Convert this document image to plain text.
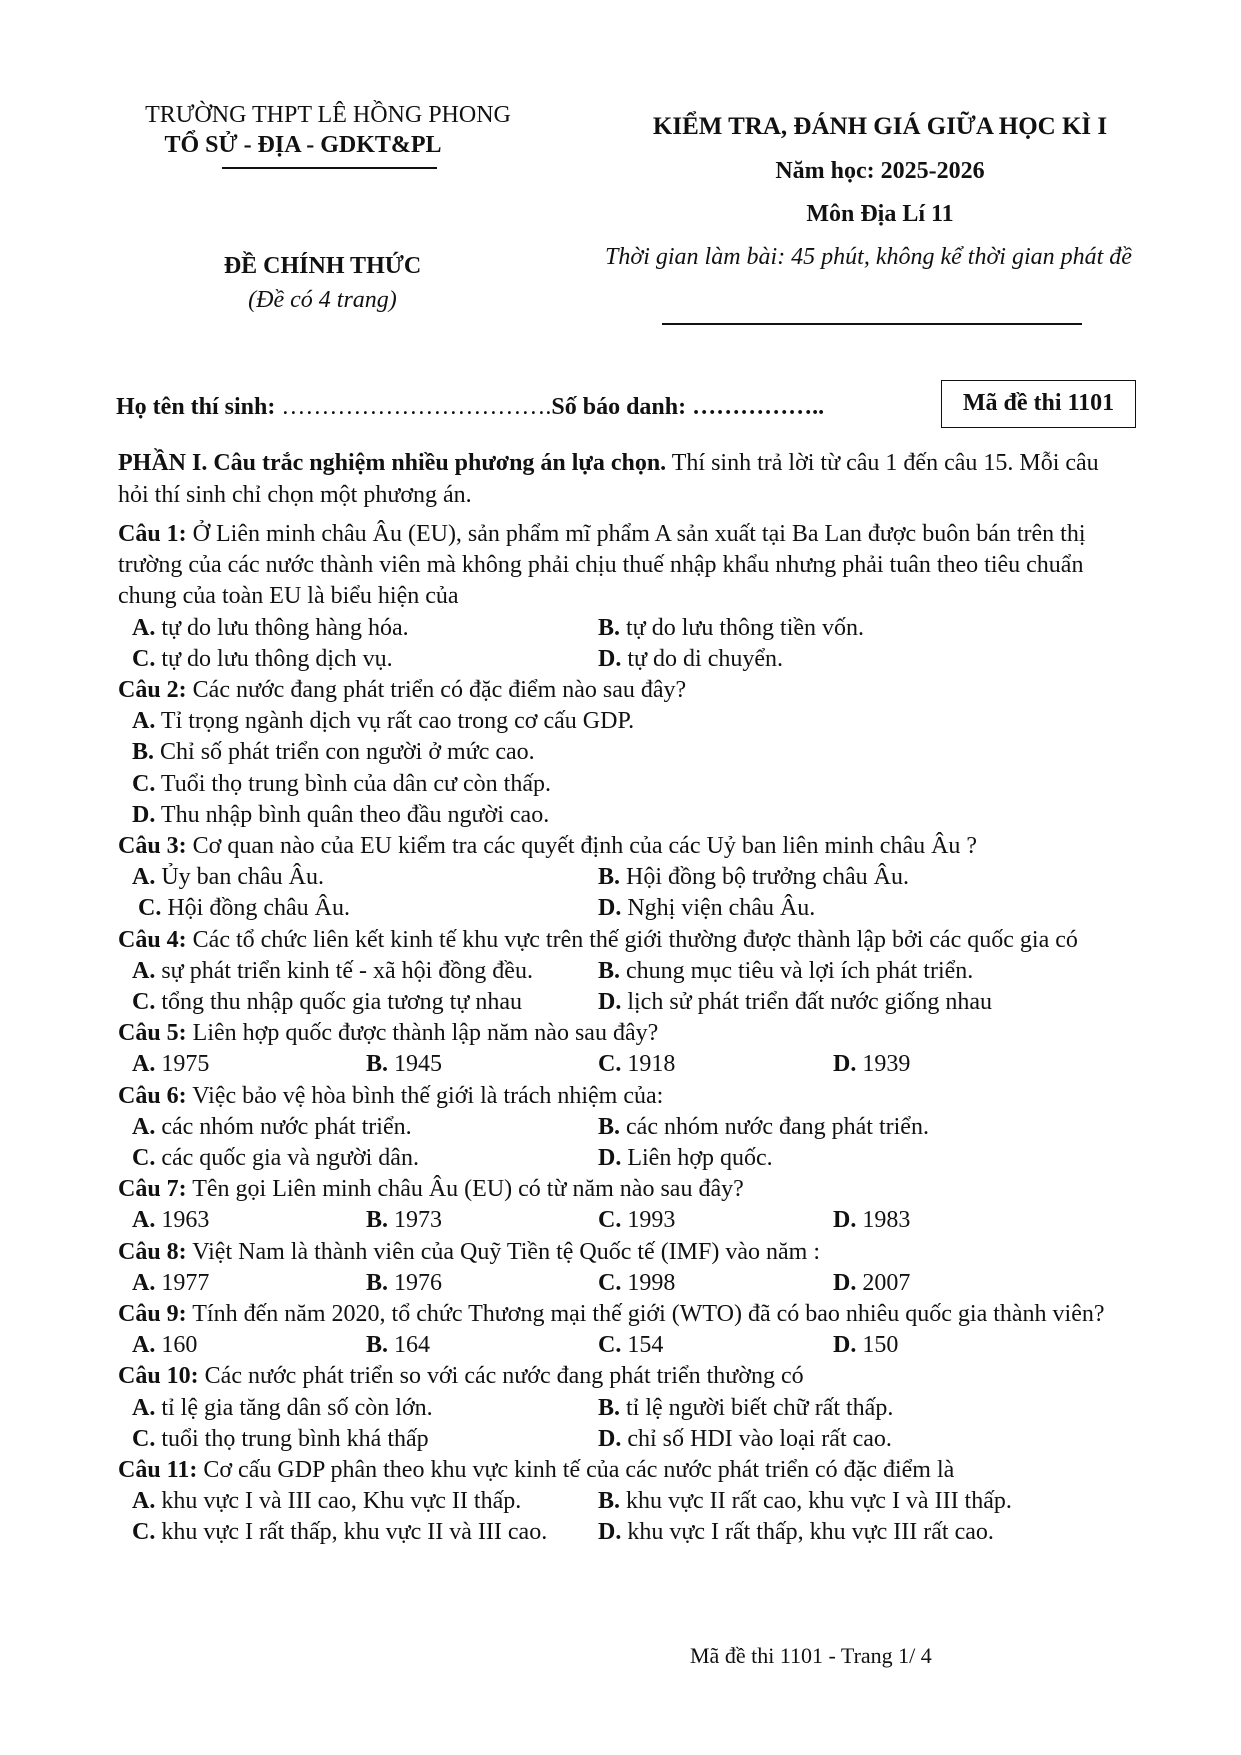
TRƯỜNG THPT LÊ HỒNG PHONG
TỔ SỬ - ĐỊA - GDKT&PL
KIỂM TRA, ĐÁNH GIÁ GIỮA HỌC KÌ I
Năm học: 2025-2026
Môn Địa Lí 11
Thời gian làm bài: 45 phút, không kể thời gian phát đề
ĐỀ CHÍNH THỨC
(Đề có 4 trang)
Họ tên thí sinh: …………………………….Số báo danh: ……………..	Mã đề thi 1101
PHẦN I. Câu trắc nghiệm nhiều phương án lựa chọn. Thí sinh trả lời từ câu 1 đến câu 15. Mỗi câu hỏi thí sinh chỉ chọn một phương án.
Câu 1: Ở Liên minh châu Âu (EU), sản phẩm mĩ phẩm A sản xuất tại Ba Lan được buôn bán trên thị trường của các nước thành viên mà không phải chịu thuế nhập khẩu nhưng phải tuân theo tiêu chuẩn chung của toàn EU là biểu hiện của
A. tự do lưu thông hàng hóa.	B. tự do lưu thông tiền vốn.
C. tự do lưu thông dịch vụ.	D. tự do di chuyển.
Câu 2: Các nước đang phát triển có đặc điểm nào sau đây?
A. Tỉ trọng ngành dịch vụ rất cao trong cơ cấu GDP.
B. Chỉ số phát triển con người ở mức cao.
C. Tuổi thọ trung bình của dân cư còn thấp.
D. Thu nhập bình quân theo đầu người cao.
Câu 3: Cơ quan nào của EU kiểm tra các quyết định của các Uỷ ban liên minh châu Âu ?
A. Ủy ban châu Âu.	B. Hội đồng bộ trưởng châu Âu.
C. Hội đồng châu Âu.	D. Nghị viện châu Âu.
Câu 4: Các tổ chức liên kết kinh tế khu vực trên thế giới thường được thành lập bởi các quốc gia có
A. sự phát triển kinh tế - xã hội đồng đều.	B. chung mục tiêu và lợi ích phát triển.
C. tổng thu nhập quốc gia tương tự nhau	D. lịch sử phát triển đất nước giống nhau
Câu 5: Liên hợp quốc được thành lập năm nào sau đây?
A. 1975	B. 1945	C. 1918	D. 1939
Câu 6: Việc bảo vệ hòa bình thế giới là trách nhiệm của:
A. các nhóm nước phát triển.	B. các nhóm nước đang phát triển.
C. các quốc gia và người dân.	D. Liên hợp quốc.
Câu 7: Tên gọi Liên minh châu Âu (EU) có từ năm nào sau đây?
A. 1963	B. 1973	C. 1993	D. 1983
Câu 8: Việt Nam là thành viên của Quỹ Tiền tệ Quốc tế (IMF) vào năm :
A. 1977	B. 1976	C. 1998	D. 2007
Câu 9: Tính đến năm 2020, tổ chức Thương mại thế giới (WTO) đã có bao nhiêu quốc gia thành viên?
A. 160	B. 164	C. 154	D. 150
Câu 10: Các nước phát triển so với các nước đang phát triển thường có
A. tỉ lệ gia tăng dân số còn lớn.	B. tỉ lệ người biết chữ rất thấp.
C. tuổi thọ trung bình khá thấp	D. chỉ số HDI vào loại rất cao.
Câu 11: Cơ cấu GDP phân theo khu vực kinh tế của các nước phát triển có đặc điểm là
A. khu vực I và III cao, Khu vực II thấp.	B. khu vực II rất cao, khu vực I và III thấp.
C. khu vực I rất thấp, khu vực II và III cao. D. khu vực I rất thấp, khu vực III rất cao.
Mã đề thi 1101 - Trang 1/ 4
